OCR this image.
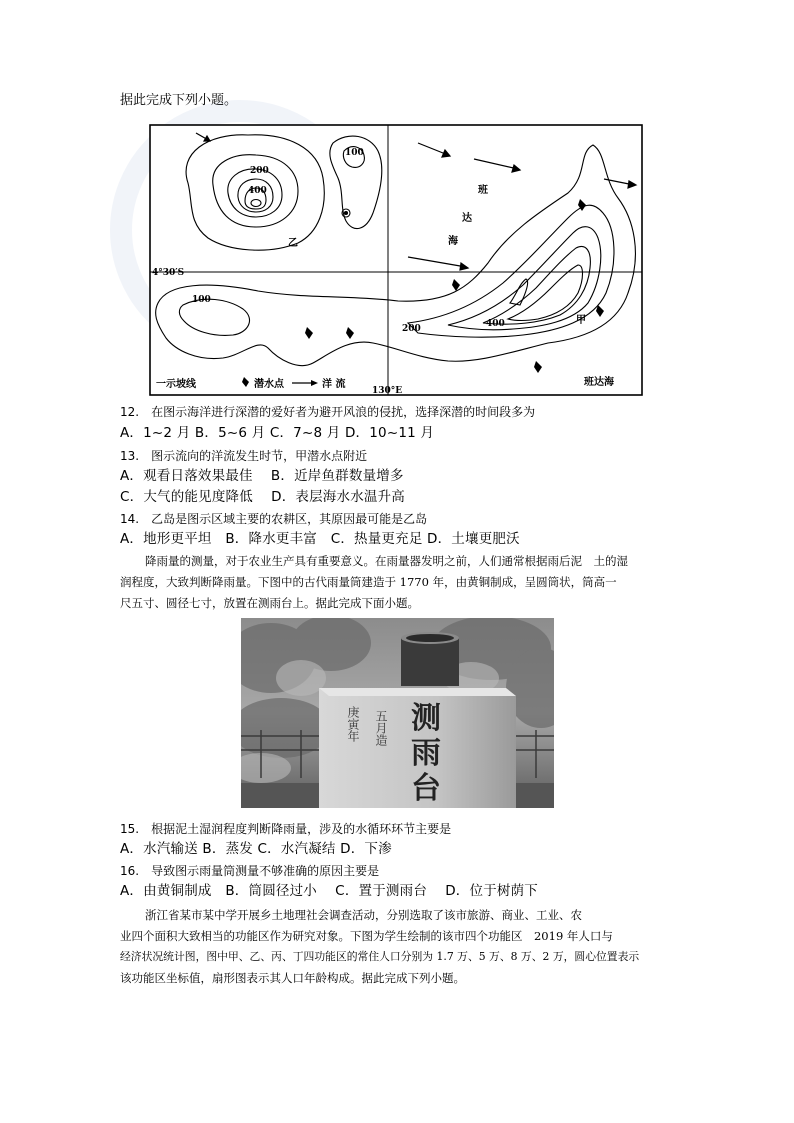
据此完成下列小题。
4°30′S
130°E
200
400
100
乙
100
200	400
班
达
海
班达海
甲
一示坡线	潜水点	洋 流
12.　在图示海洋进行深潜的爱好者为避开风浪的侵扰，选择深潜的时间段多为
A．1~2 月 B．5~6 月 C．7~8 月 D．10~11 月
13.　图示流向的洋流发生时节，甲潜水点附近
A．观看日落效果最佳　 B．近岸鱼群数量增多
C．大气的能见度降低　 D．表层海水水温升高
14.　乙岛是图示区域主要的农耕区，其原因最可能是乙岛
A．地形更平坦　B．降水更丰富　C．热量更充足 D．土壤更肥沃
降雨量的测量，对于农业生产具有重要意义。在雨量器发明之前，人们通常根据雨后泥　土的湿
润程度，大致判断降雨量。下图中的古代雨量筒建造于 1770 年，由黄铜制成，呈圆筒状，筒高一
尺五寸、圆径七寸，放置在测雨台上。据此完成下面小题。
测
雨
台
庚寅年 五月造
15.　根据泥土湿润程度判断降雨量，涉及的水循环环节主要是
A．水汽输送 B．蒸发 C．水汽凝结 D．下渗
16.　导致图示雨量筒测量不够准确的原因主要是
A．由黄铜制成　B．筒圆径过小　 C．置于测雨台　 D．位于树荫下
浙江省某市某中学开展乡土地理社会调查活动，分别选取了该市旅游、商业、工业、农
业四个面积大致相当的功能区作为研究对象。下图为学生绘制的该市四个功能区　2019 年人口与
经济状况统计图，图中甲、乙、丙、丁四功能区的常住人口分别为 1.7 万、5 万、8 万、2 万，圆心位置表示
该功能区坐标值，扇形图表示其人口年龄构成。据此完成下列小题。
